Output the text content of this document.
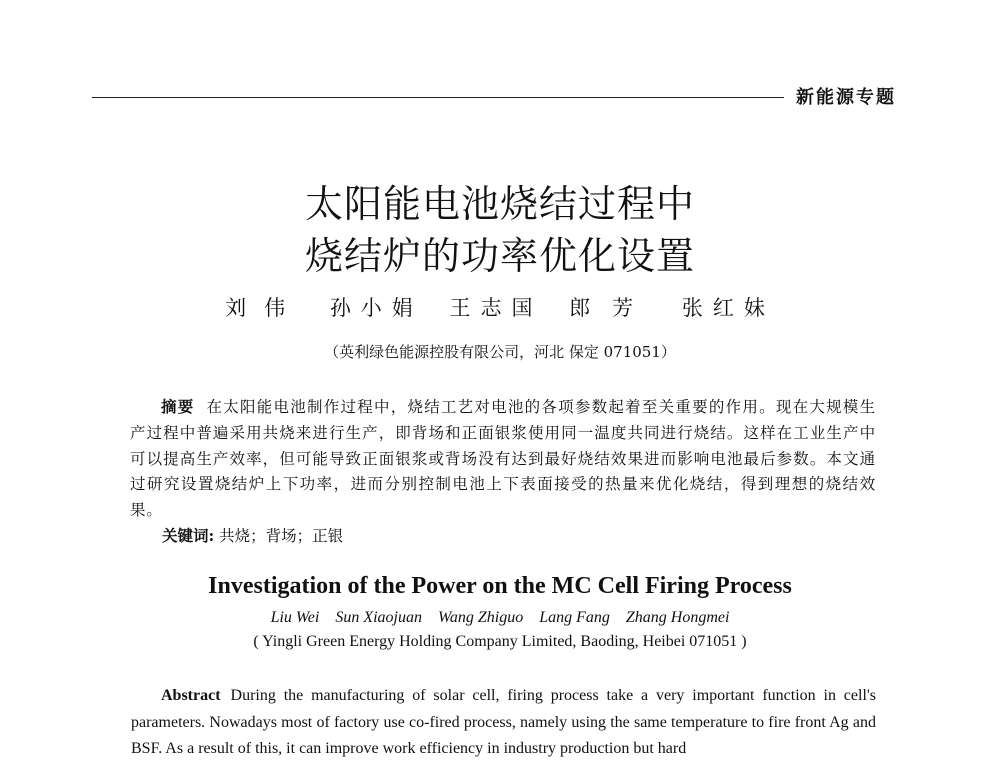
新能源专题
太阳能电池烧结过程中
烧结炉的功率优化设置
刘伟 孙小娟 王志国 郎芳 张红妹
（英利绿色能源控股有限公司，河北 保定 071051）
摘要 在太阳能电池制作过程中，烧结工艺对电池的各项参数起着至关重要的作用。现在大规模生产过程中普遍采用共烧来进行生产，即背场和正面银浆使用同一温度共同进行烧结。这样在工业生产中可以提高生产效率，但可能导致正面银浆或背场没有达到最好烧结效果进而影响电池最后参数。本文通过研究设置烧结炉上下功率，进而分别控制电池上下表面接受的热量来优化烧结，得到理想的烧结效果。
关键词: 共烧；背场；正银
Investigation of the Power on the MC Cell Firing Process
Liu Wei Sun Xiaojuan Wang Zhiguo Lang Fang Zhang Hongmei
( Yingli Green Energy Holding Company Limited, Baoding, Heibei 071051 )
Abstract During the manufacturing of solar cell, firing process take a very important function in cell's parameters. Nowadays most of factory use co-fired process, namely using the same temperature to fire front Ag and BSF. As a result of this, it can improve work efficiency in industry production but hard
